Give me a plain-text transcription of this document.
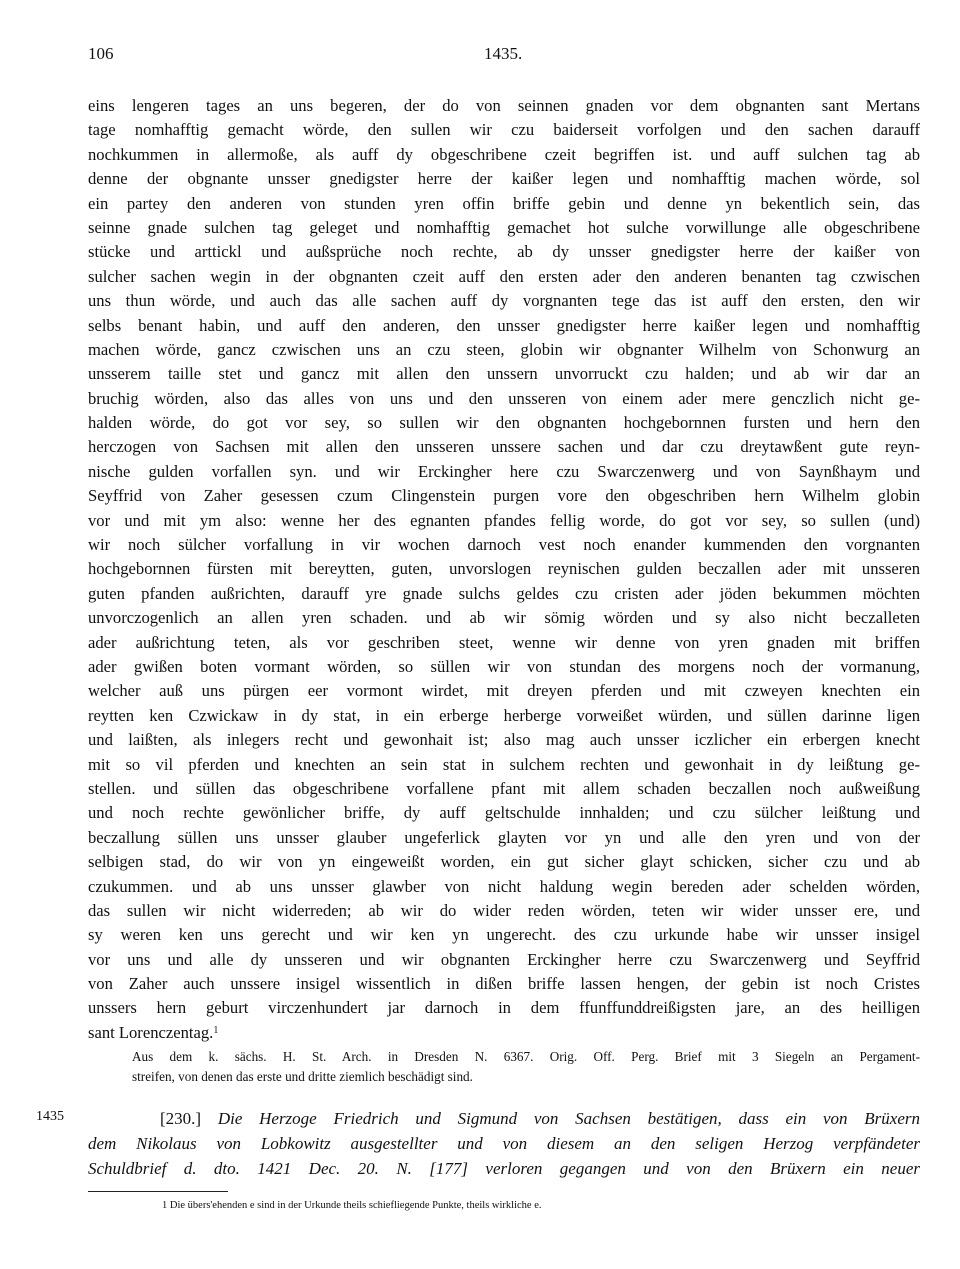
106	1435.
eins lengeren tages an uns begeren, der do von seinnen gnaden vor dem obgnanten sant Mertans
tage nomhafftig gemacht wörde, den sullen wir czu baiderseit vorfolgen und den sachen darauff
nochkummen in allermoße, als auff dy obgeschribene czeit begriffen ist. und auff sulchen tag ab
denne der obgnante unsser gnedigster herre der kaißer legen und nomhafftig machen wörde, sol
ein partey den anderen von stunden yren offin briffe gebin und denne yn bekentlich sein, das
seinne gnade sulchen tag geleget und nomhafftig gemachet hot sulche vorwillunge alle obgeschribene
stücke und arttickl und außsprüche noch rechte, ab dy unsser gnedigster herre der kaißer von
sulcher sachen wegin in der obgnanten czeit auff den ersten ader den anderen benanten tag czwischen
uns thun wörde, und auch das alle sachen auff dy vorgnanten tege das ist auff den ersten, den wir
selbs benant habin, und auff den anderen, den unsser gnedigster herre kaißer legen und nomhafftig
machen wörde, gancz czwischen uns an czu steen, globin wir obgnanter Wilhelm von Schonwurg an
unsserem taille stet und gancz mit allen den unssern unvorruckt czu halden; und ab wir dar an
bruchig wörden, also das alles von uns und den unsseren von einem ader mere genczlich nicht ge-
halden wörde, do got vor sey, so sullen wir den obgnanten hochgebornnen fursten und hern den
herczogen von Sachsen mit allen den unsseren unssere sachen und dar czu dreytawßent gute reyn-
nische gulden vorfallen syn. und wir Erckingher here czu Swarczenwerg und von Saynßhaym und
Seyffrid von Zaher gesessen czum Clingenstein purgen vore den obgeschriben hern Wilhelm globin
vor und mit ym also: wenne her des egnanten pfandes fellig worde, do got vor sey, so sullen (und)
wir noch sülcher vorfallung in vir wochen darnoch vest noch enander kummenden den vorgnanten
hochgebornnen fürsten mit bereytten, guten, unvorslogen reynischen gulden beczallen ader mit unsseren
guten pfanden außrichten, darauff yre gnade sulchs geldes czu cristen ader jöden bekummen möchten
unvorczogenlich an allen yren schaden. und ab wir sömig wörden und sy also nicht beczalleten
ader außrichtung teten, als vor geschriben steet, wenne wir denne von yren gnaden mit briffen
ader gwißen boten vormant wörden, so süllen wir von stundan des morgens noch der vormanung,
welcher auß uns pürgen eer vormont wirdet, mit dreyen pferden und mit czweyen knechten ein
reytten ken Czwickaw in dy stat, in ein erberge herberge vorweißet würden, und süllen darinne ligen
und laißten, als inlegers recht und gewonhait ist; also mag auch unsser iczlicher ein erbergen knecht
mit so vil pferden und knechten an sein stat in sulchem rechten und gewonhait in dy leißtung ge-
stellen. und süllen das obgeschribene vorfallene pfant mit allem schaden beczallen noch außweißung
und noch rechte gewönlicher briffe, dy auff geltschulde innhalden; und czu sülcher leißtung und
beczallung süllen uns unsser glauber ungeferlick glayten vor yn und alle den yren und von der
selbigen stad, do wir von yn eingeweißt worden, ein gut sicher glayt schicken, sicher czu und ab
czukummen. und ab uns unsser glawber von nicht haldung wegin bereden ader schelden wörden,
das sullen wir nicht widerreden; ab wir do wider reden wörden, teten wir wider unsser ere, und
sy weren ken uns gerecht und wir ken yn ungerecht. des czu urkunde habe wir unsser insigel
vor uns und alle dy unsseren und wir obgnanten Erckingher herre czu Swarczenwerg und Seyffrid
von Zaher auch unssere insigel wissentlich in dißen briffe lassen hengen, der gebin ist noch Cristes
unssers hern geburt virczenhundert jar darnoch in dem ffunffunddreißigsten jare, an des heilligen
sant Lorenczentag.$^1$
Aus dem k. sächs. H. St. Arch. in Dresden N. 6367. Orig. Off. Perg. Brief mit 3 Siegeln an Pergament-
streifen, von denen das erste und dritte ziemlich beschädigt sind.
1435	[230.] Die Herzoge Friedrich und Sigmund von Sachsen bestätigen, dass ein von Brüxern
dem Nikolaus von Lobkowitz ausgestellter und von diesem an den seligen Herzog verpfändeter
Schuldbrief d. dto. 1421 Dec. 20. N. [177] verloren gegangen und von den Brüxern ein neuer
1 Die übers'ehenden e sind in der Urkunde theils schiefliegende Punkte, theils wirkliche e.
